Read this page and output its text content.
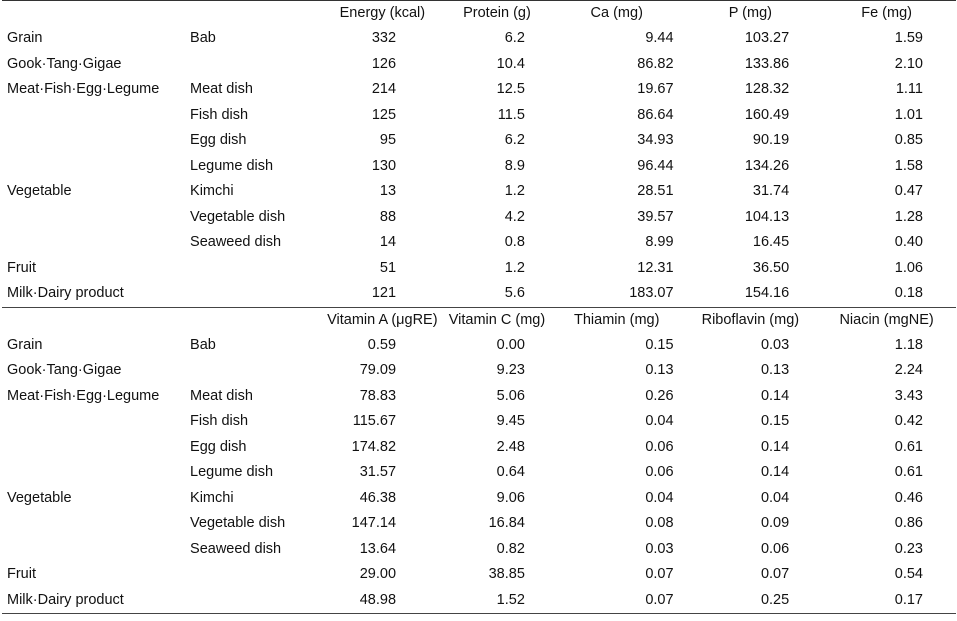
		Energy (kcal)	Protein (g)	Ca (mg)	P (mg)	Fe (mg)
Grain	Bab	332	6.2	9.44	103.27	1.59
Gook·Tang·Gigae		126	10.4	86.82	133.86	2.10
Meat·Fish·Egg·Legume	Meat dish	214	12.5	19.67	128.32	1.11
	Fish dish	125	11.5	86.64	160.49	1.01
	Egg dish	95	6.2	34.93	90.19	0.85
	Legume dish	130	8.9	96.44	134.26	1.58
Vegetable	Kimchi	13	1.2	28.51	31.74	0.47
	Vegetable dish	88	4.2	39.57	104.13	1.28
	Seaweed dish	14	0.8	8.99	16.45	0.40
Fruit		51	1.2	12.31	36.50	1.06
Milk·Dairy product		121	5.6	183.07	154.16	0.18
		Vitamin A (μgRE)	Vitamin C (mg)	Thiamin (mg)	Riboflavin (mg)	Niacin (mgNE)
Grain	Bab	0.59	0.00	0.15	0.03	1.18
Gook·Tang·Gigae		79.09	9.23	0.13	0.13	2.24
Meat·Fish·Egg·Legume	Meat dish	78.83	5.06	0.26	0.14	3.43
	Fish dish	115.67	9.45	0.04	0.15	0.42
	Egg dish	174.82	2.48	0.06	0.14	0.61
	Legume dish	31.57	0.64	0.06	0.14	0.61
Vegetable	Kimchi	46.38	9.06	0.04	0.04	0.46
	Vegetable dish	147.14	16.84	0.08	0.09	0.86
	Seaweed dish	13.64	0.82	0.03	0.06	0.23
Fruit		29.00	38.85	0.07	0.07	0.54
Milk·Dairy product		48.98	1.52	0.07	0.25	0.17
